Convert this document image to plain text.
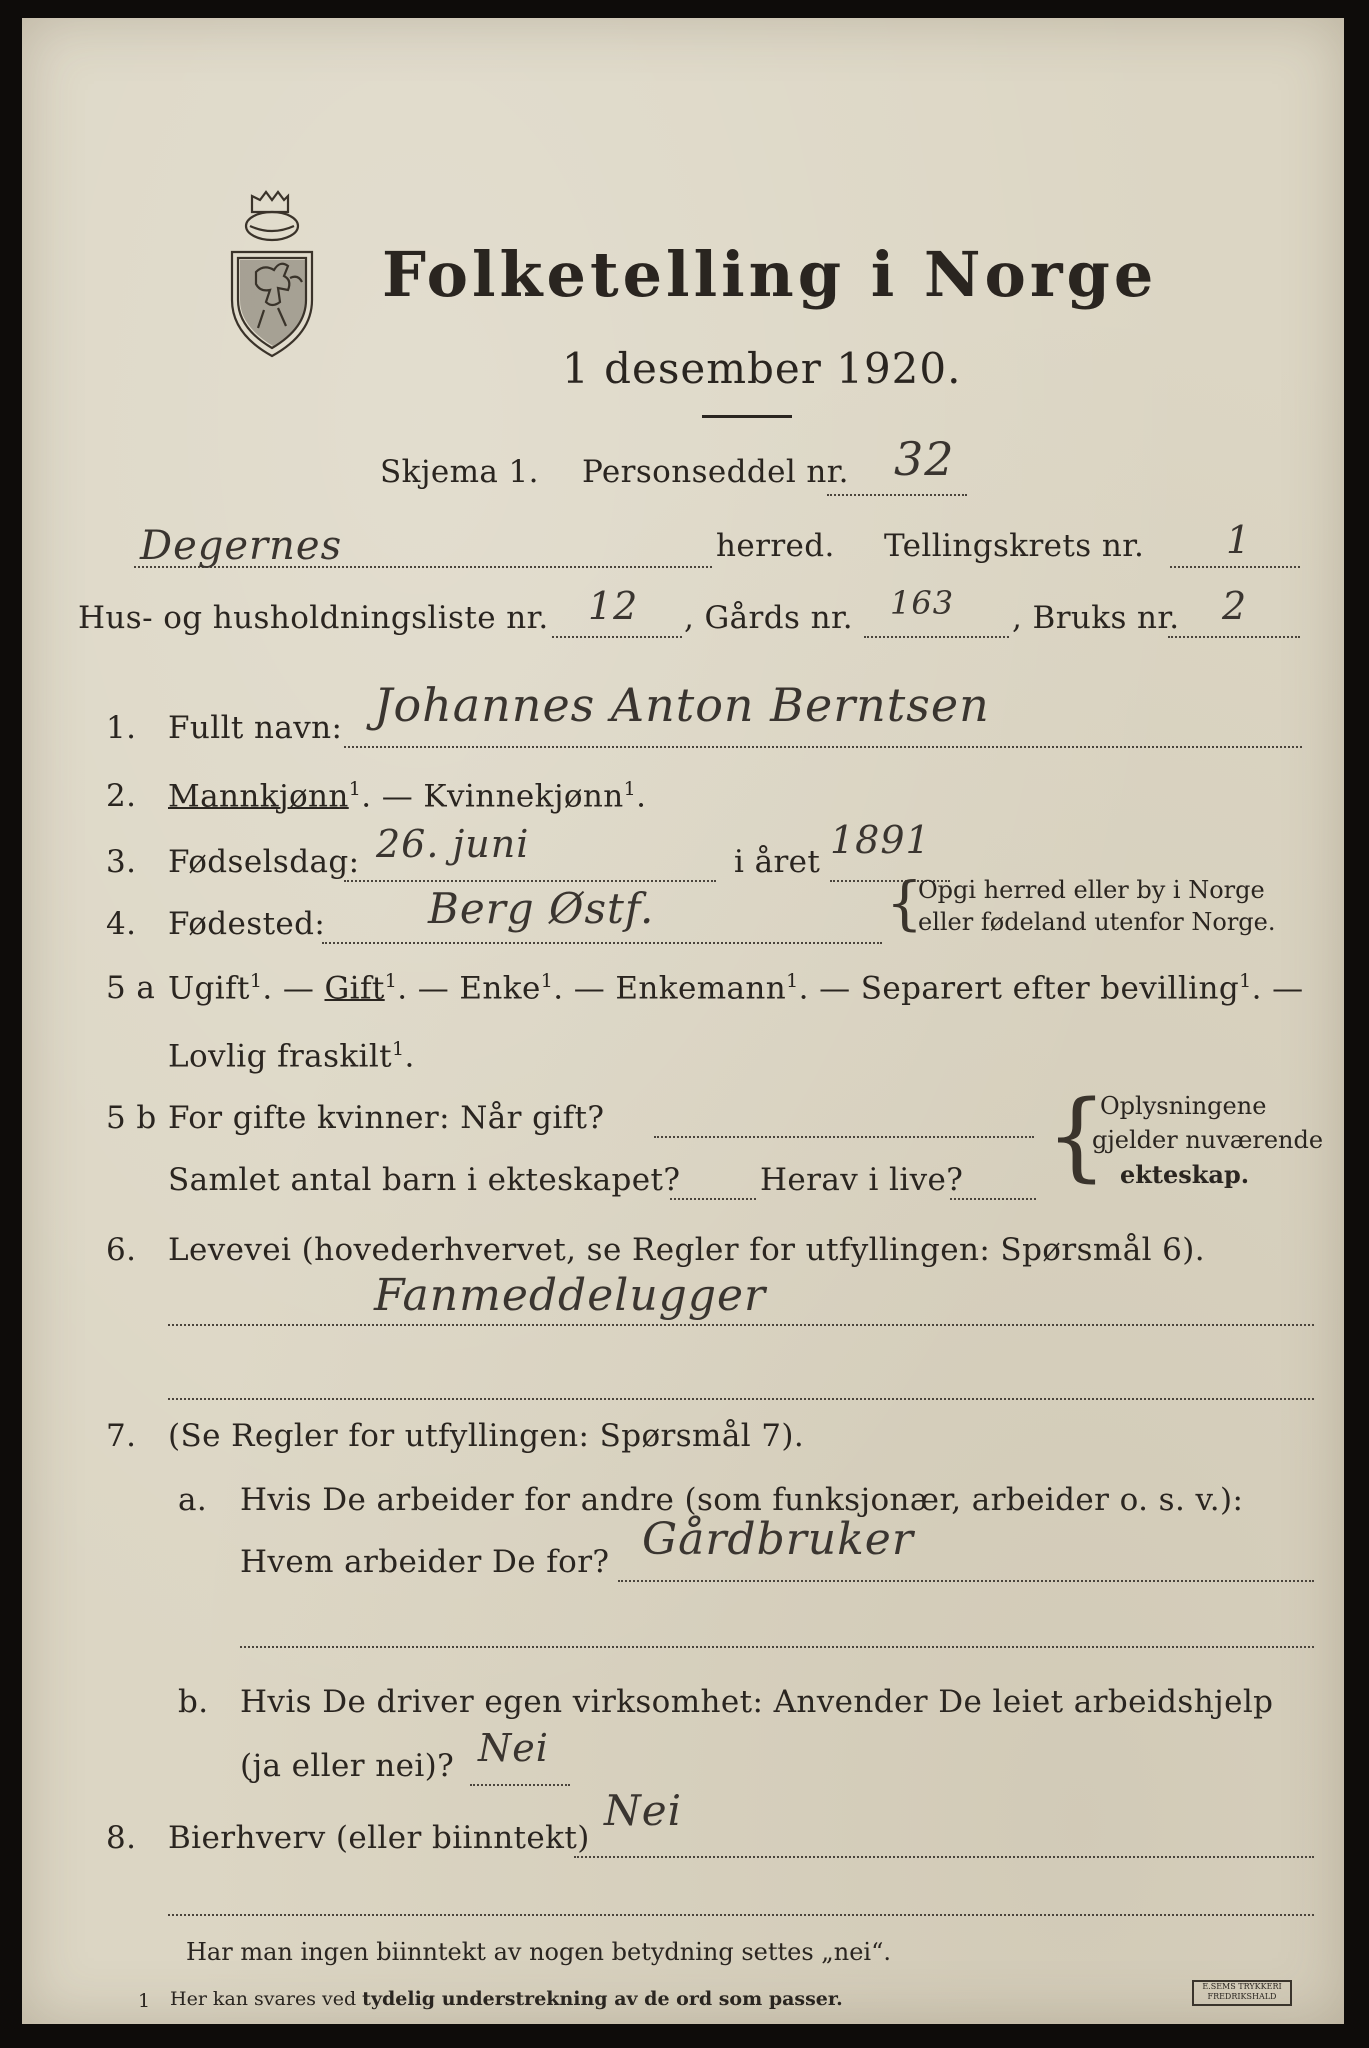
Folketelling i Norge
1 desember 1920.
Skjema 1. Personseddel nr. 32
Degernes	herred. Tellingskrets nr. 1
Hus- og husholdningsliste nr. 12 , Gårds nr. 163 , Bruks nr. 2
1. Fullt navn: Johannes Anton Berntsen
2. Mannkjønn$^1$. — Kvinnekjønn$^1$.
3. Fødselsdag: 26. juni	i året 1891
4. Fødested: Berg Østf.	{
Opgi herred eller by i Norge
eller fødeland utenfor Norge.
5 a Ugift$^1$. — Gift$^1$. — Enke$^1$. — Enkemann$^1$. — Separert efter bevilling$^1$. —
Lovlig fraskilt$^1$.
5 b For gifte kvinner: Når gift?
Samlet antal barn i ekteskapet?	Herav i live? {
Oplysningene
gjelder nuværende
ekteskap.
6. Levevei (hovederhvervet, se Regler for utfyllingen: Spørsmål 6).
Fanmeddelugger
7. (Se Regler for utfyllingen: Spørsmål 7).
a. Hvis De arbeider for andre (som funksjonær, arbeider o. s. v.):
Hvem arbeider De for? Gårdbruker
b. Hvis De driver egen virksomhet: Anvender De leiet arbeidshjelp
(ja eller nei)? Nei
8. Bierhverv (eller biinntekt)
Nei
Har man ingen biinntekt av nogen betydning settes „nei“.
1 Her kan svares ved tydelig understrekning av de ord som passer.
E.SEMS TRYKKERI
FREDRIKSHALD
